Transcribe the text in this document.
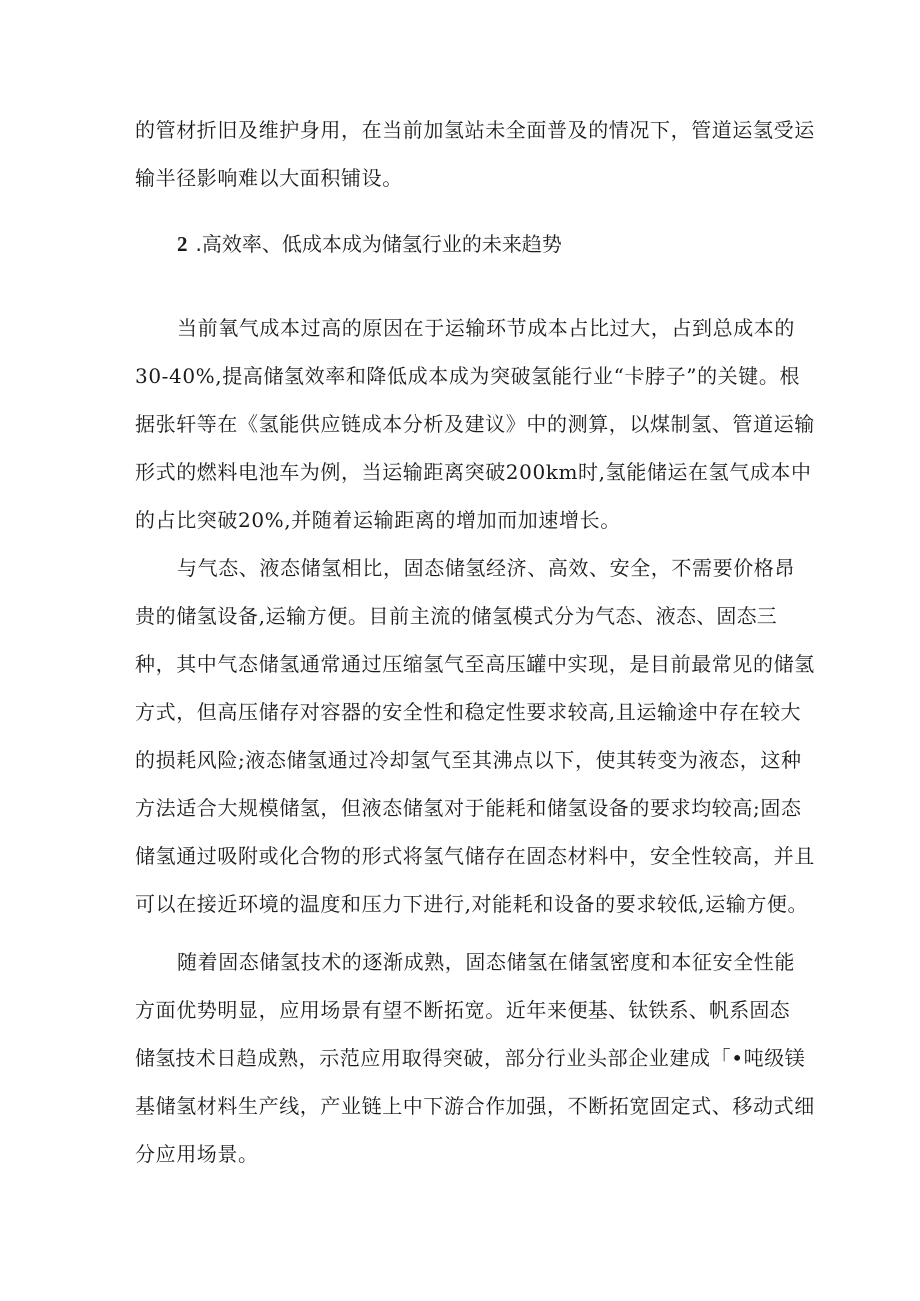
的管材折旧及维护身用，在当前加氢站未全面普及的情况下，管道运氢受运
输半径影响难以大面积铺设。
2 .高效率、低成本成为储氢行业的未来趋势
当前氧气成本过高的原因在于运输环节成本占比过大，占到总成本的
30-40%,提高储氢效率和降低成本成为突破氢能行业“卡脖子”的关键。根
据张轩等在《氢能供应链成本分析及建议》中的测算，以煤制氢、管道运输
形式的燃料电池车为例，当运输距离突破200km时,氢能储运在氢气成本中
的占比突破20%,并随着运输距离的增加而加速增长。
与气态、液态储氢相比，固态储氢经济、高效、安全，不需要价格昂
贵的储氢设备,运输方便。目前主流的储氢模式分为气态、液态、固态三
种，其中气态储氢通常通过压缩氢气至高压罐中实现，是目前最常见的储氢
方式，但高压储存对容器的安全性和稳定性要求较高,且运输途中存在较大
的损耗风险;液态储氢通过冷却氢气至其沸点以下，使其转变为液态，这种
方法适合大规模储氢，但液态储氢对于能耗和储氢设备的要求均较高;固态
储氢通过吸附或化合物的形式将氢气储存在固态材料中，安全性较高，并且
可以在接近环境的温度和压力下进行,对能耗和设备的要求较低,运输方便。
随着固态储氢技术的逐渐成熟，固态储氢在储氢密度和本征安全性能
方面优势明显，应用场景有望不断拓宽。近年来便基、钛铁系、帆系固态
储氢技术日趋成熟，示范应用取得突破，部分行业头部企业建成「•吨级镁
基储氢材料生产线，产业链上中下游合作加强，不断拓宽固定式、移动式细
分应用场景。
